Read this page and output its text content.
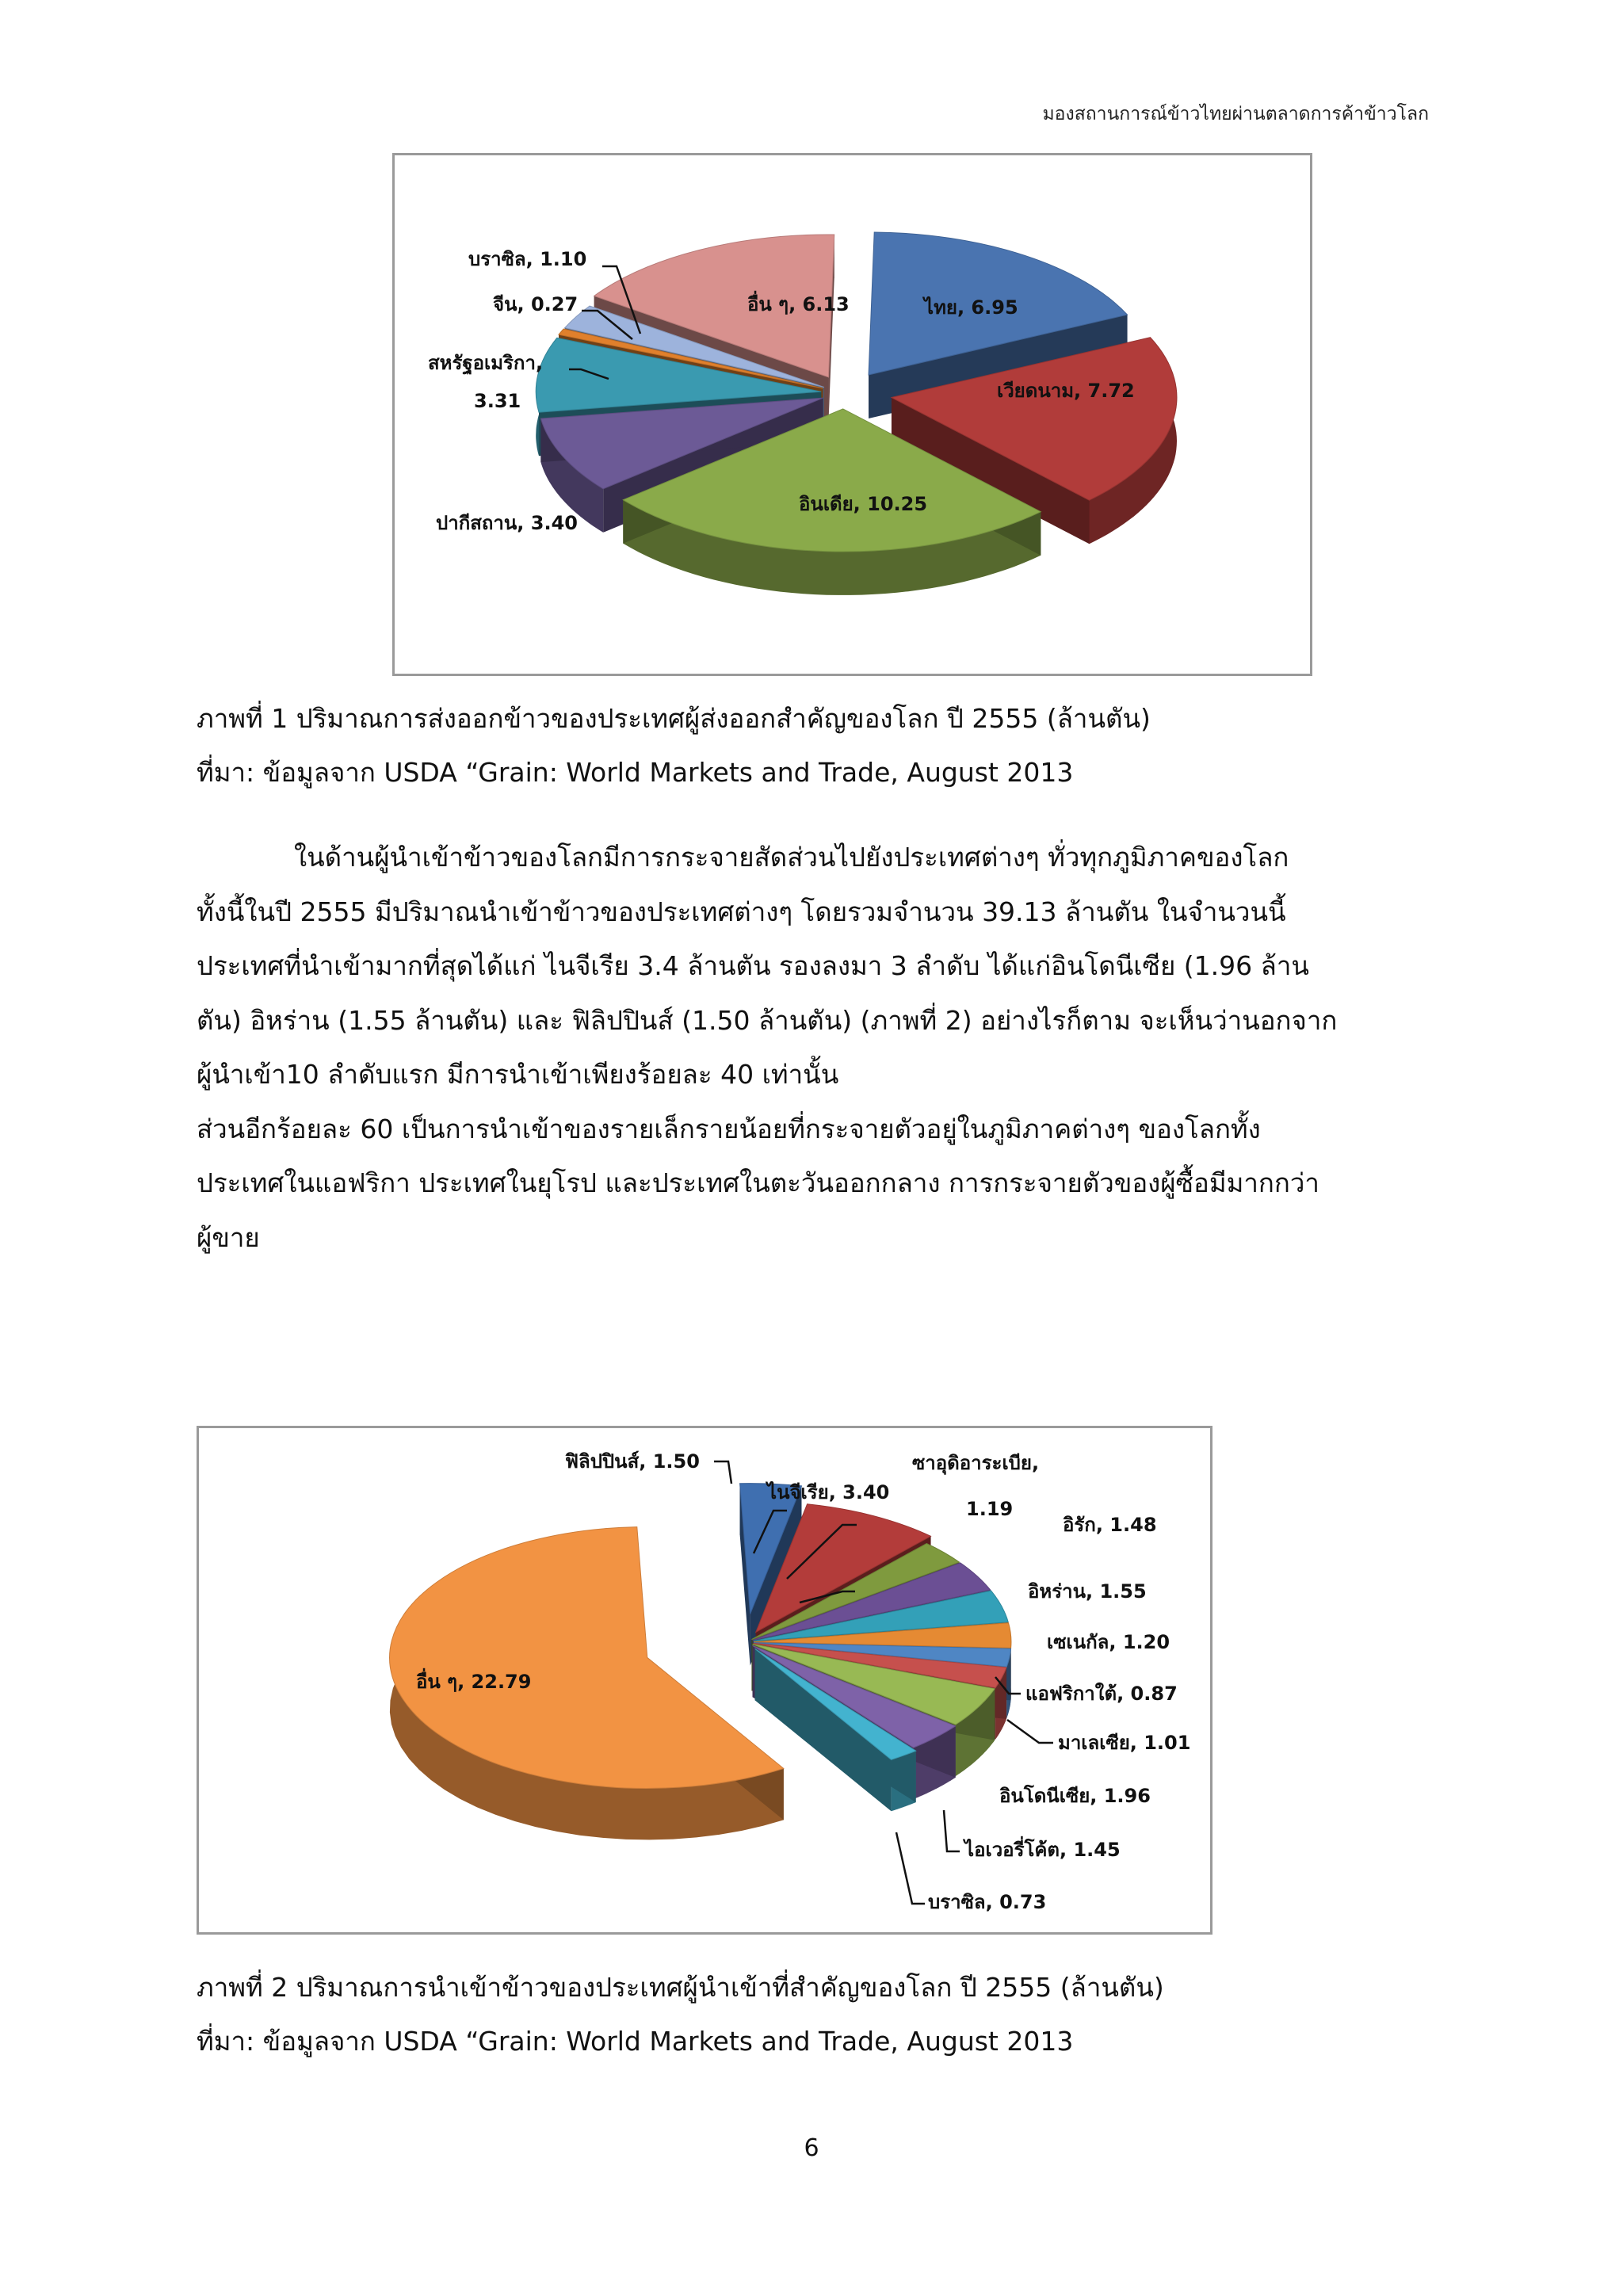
มองสถานการณ์ข้าวไทยผ่านตลาดการค้าข้าวโลก
ไทย, 6.95
เวียดนาม, 7.72
อินเดีย, 10.25
ปากีสถาน, 3.40
สหรัฐอเมริกา,
3.31
จีน, 0.27
บราซิล, 1.10
อื่น ๆ, 6.13
ภาพที่ 1 ปริมาณการส่งออกข้าวของประเทศผู้ส่งออกสำคัญของโลก ปี 2555 (ล้านตัน)
ที่มา: ข้อมูลจาก USDA “Grain: World Markets and Trade, August 2013

ในด้านผู้นำเข้าข้าวของโลกมีการกระจายสัดส่วนไปยังประเทศต่างๆ ทั่วทุกภูมิภาคของโลก

ทั้งนี้ในปี 2555 มีปริมาณนำเข้าข้าวของประเทศต่างๆ โดยรวมจำนวน 39.13 ล้านตัน ในจำนวนนี้

ประเทศที่นำเข้ามากที่สุดได้แก่ ไนจีเรีย 3.4 ล้านตัน รองลงมา 3 ลำดับ ได้แก่อินโดนีเซีย (1.96 ล้าน

ตัน) อิหร่าน (1.55 ล้านตัน) และ ฟิลิปปินส์ (1.50 ล้านตัน) (ภาพที่ 2) อย่างไรก็ตาม จะเห็นว่านอกจาก

ผู้นำเข้า10 ลำดับแรก มีการนำเข้าเพียงร้อยละ 40 เท่านั้น

ส่วนอีกร้อยละ 60 เป็นการนำเข้าของรายเล็กรายน้อยที่กระจายตัวอยู่ในภูมิภาคต่างๆ ของโลกทั้ง

ประเทศในแอฟริกา ประเทศในยุโรป และประเทศในตะวันออกกลาง การกระจายตัวของผู้ซื้อมีมากกว่า

ผู้ขาย

ฟิลิปปินส์, 1.50
ไนจีเรีย, 3.40
ซาอุดิอาระเบีย,
1.19
อิรัก, 1.48
อิหร่าน, 1.55
เซเนกัล, 1.20
แอฟริกาใต้, 0.87
มาเลเซีย, 1.01
อินโดนีเซีย, 1.96
ไอเวอรี่โค้ต, 1.45
บราซิล, 0.73
อื่น ๆ, 22.79
ภาพที่ 2 ปริมาณการนำเข้าข้าวของประเทศผู้นำเข้าที่สำคัญของโลก ปี 2555 (ล้านตัน)
ที่มา: ข้อมูลจาก USDA “Grain: World Markets and Trade, August 2013
6
